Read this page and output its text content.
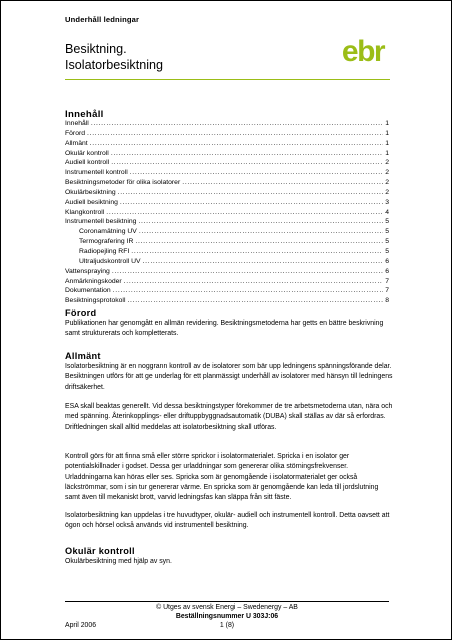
Underhåll ledningar
Besiktning.
Isolatorbesiktning	ebr
Innehåll
Innehåll .....	1
Förord .....	1
Allmänt .....	1
Okulär kontroll .....	1
Audiell kontroll .....	2
Instrumentell kontroll .....	2
Besiktningsmetoder för olika isolatorer .....	2
Okulärbesiktning .....	2
Audiell besiktning .....	3
Klangkontroll .....	4
Instrumentell besiktning .....	5
Coronamätning UV .....	5
Termografering IR .....	5
Radiopejling RFI .....	5
Ultraljudskontroll UV .....	6
Vattenspraying .....	6
Anmärkningskoder .....	7
Dokumentation .....	7
Besiktningsprotokoll .....	8
Förord

Publikationen har genomgått en allmän revidering. Besiktningsmetoderna har getts en bättre beskrivning samt strukturerats och kompletterats.

Allmänt

Isolatorbesiktning är en noggrann kontroll av de isolatorer som bär upp ledningens spänningsförande delar. Besiktningen utförs för att ge underlag för ett planmässigt underhåll av isolatorer med hänsyn till ledningens driftsäkerhet.

ESA skall beaktas generellt. Vid dessa besiktningstyper förekommer de tre arbetsmetoderna utan, nära och med spänning. Återinkopplings- eller driftuppbyggnadsautomatik (DUBA) skall ställas av där så erfordras. Driftledningen skall alltid meddelas att isolatorbesiktning skall utföras.

Kontroll görs för att finna små eller större sprickor i isolatormaterialet. Spricka i en isolator ger potentialskillnader i godset. Dessa ger urladdningar som genererar olika störningsfrekvenser. Urladdningarna kan höras eller ses. Spricka som är genomgående i isolatormaterialet ger också läckströmmar, som i sin tur genererar värme. En spricka som är genomgående kan leda till jordslutning samt även till mekaniskt brott, varvid ledningsfas kan släppa från sitt fäste.

Isolatorbesiktning kan uppdelas i tre huvudtyper, okulär- audiell och instrumentell kontroll. Detta oavsett att ögon och hörsel också används vid instrumentell besiktning.

Okulär kontroll

Okulärbesiktning med hjälp av syn.

© Utges av svensk Energi – Swedenergy – AB
Beställningsnummer U 303J:06
April 2006	1 (8)
